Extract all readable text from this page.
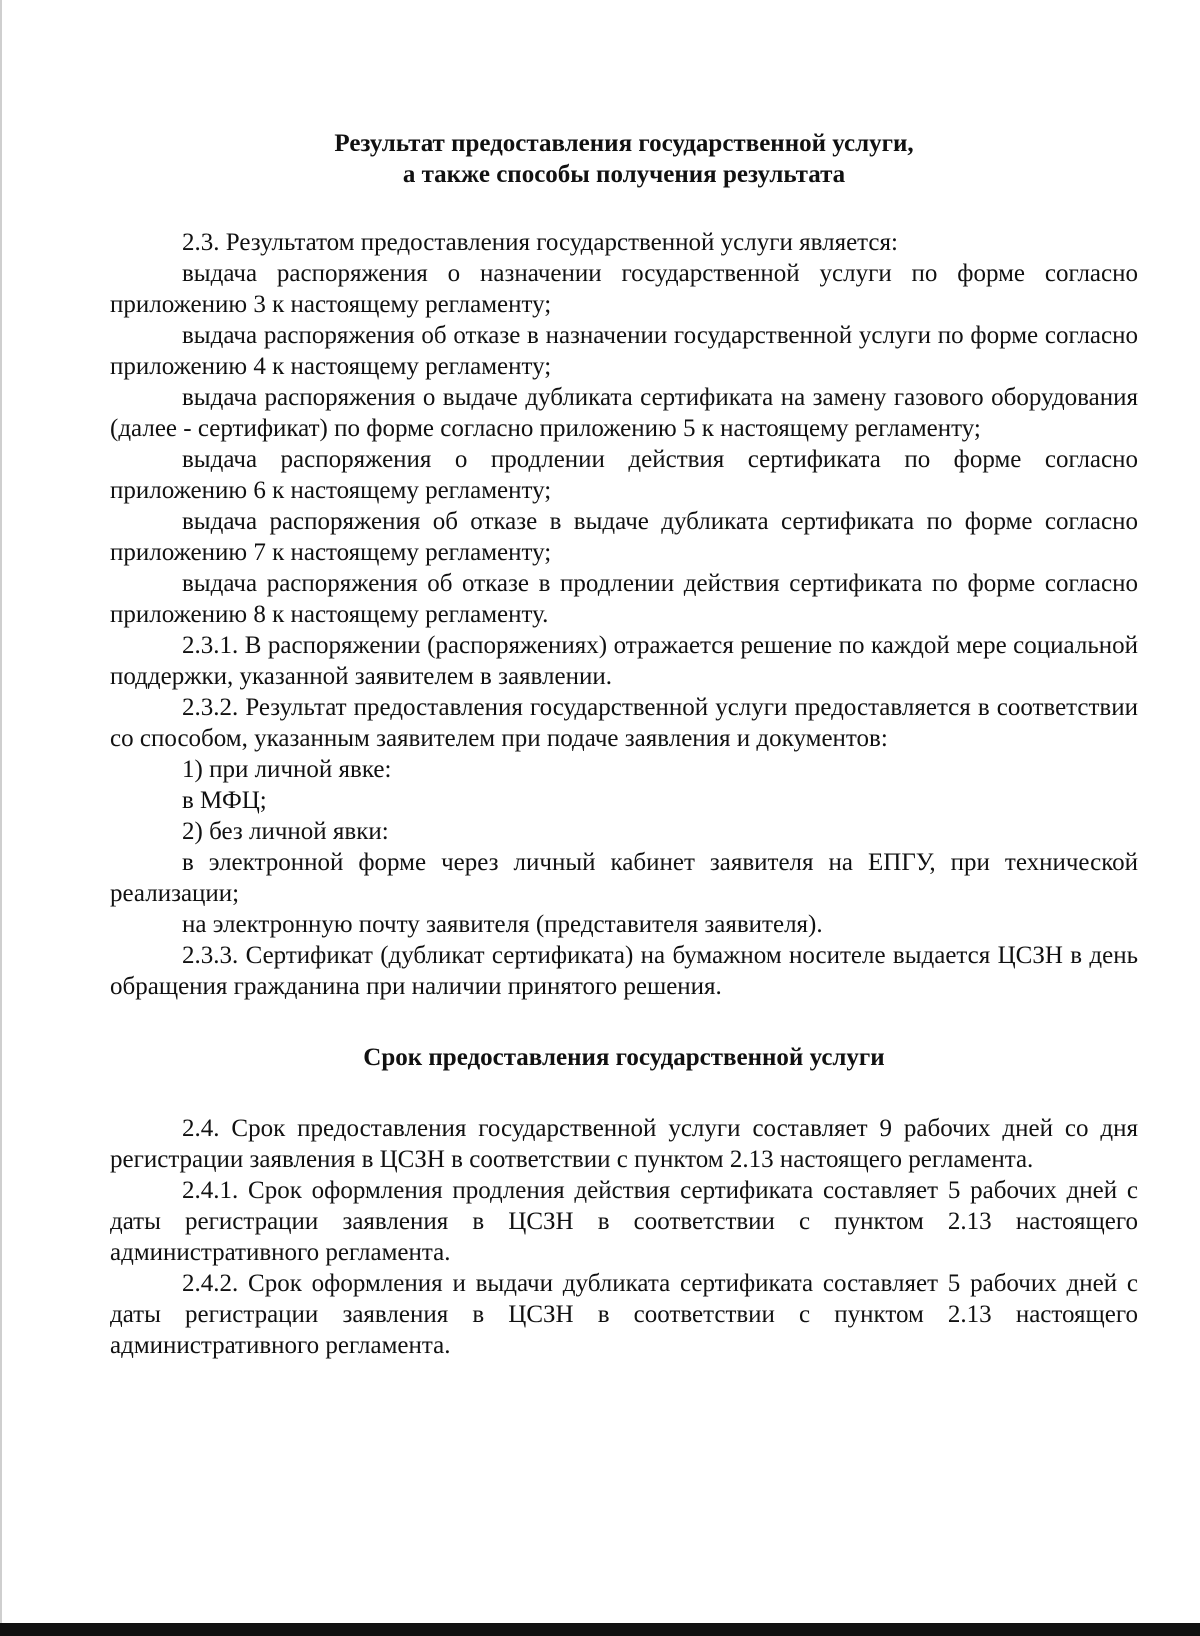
Результат предоставления государственной услуги,
а также способы получения результата

2.3. Результатом предоставления государственной услуги является:

выдача распоряжения о назначении государственной услуги по форме согласно приложению 3 к настоящему регламенту;

выдача распоряжения об отказе в назначении государственной услуги по форме согласно приложению 4 к настоящему регламенту;

выдача распоряжения о выдаче дубликата сертификата на замену газового оборудования (далее - сертификат) по форме согласно приложению 5 к настоящему регламенту;

выдача распоряжения о продлении действия сертификата по форме согласно приложению 6 к настоящему регламенту;

выдача распоряжения об отказе в выдаче дубликата сертификата по форме согласно приложению 7 к настоящему регламенту;

выдача распоряжения об отказе в продлении действия сертификата по форме согласно приложению 8 к настоящему регламенту.

2.3.1. В распоряжении (распоряжениях) отражается решение по каждой мере социальной поддержки, указанной заявителем в заявлении.

2.3.2. Результат предоставления государственной услуги предоставляется в соответствии со способом, указанным заявителем при подаче заявления и документов:

1) при личной явке:

в МФЦ;

2) без личной явки:

в электронной форме через личный кабинет заявителя на ЕПГУ, при технической реализации;

на электронную почту заявителя (представителя заявителя).

2.3.3. Сертификат (дубликат сертификата) на бумажном носителе выдается ЦСЗН в день обращения гражданина при наличии принятого решения.

Срок предоставления государственной услуги

2.4. Срок предоставления государственной услуги составляет 9 рабочих дней со дня регистрации заявления в ЦСЗН в соответствии с пунктом 2.13 настоящего регламента.

2.4.1. Срок оформления продления действия сертификата составляет 5 рабочих дней с даты регистрации заявления в ЦСЗН в соответствии с пунктом 2.13 настоящего административного регламента.

2.4.2. Срок оформления и выдачи дубликата сертификата составляет 5 рабочих дней с даты регистрации заявления в ЦСЗН в соответствии с пунктом 2.13 настоящего административного регламента.
